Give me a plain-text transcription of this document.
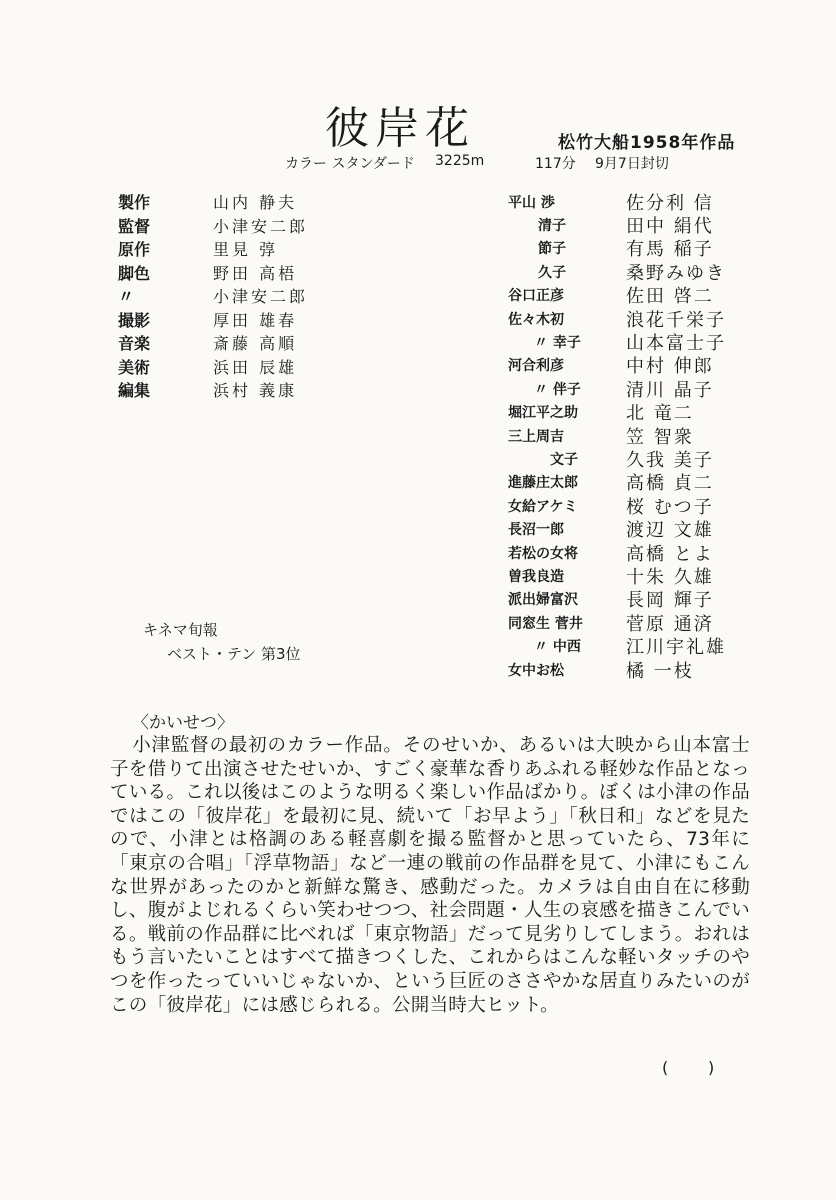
彼岸花	松竹大船1958年作品
カラー スタンダード	3225m	117分	9月7日封切
製作	山内 静夫
監督	小津安二郎
原作	里見 弴
脚色	野田 高梧
〃	小津安二郎
撮影	厚田 雄春
音楽	斎藤 高順
美術	浜田 辰雄
編集	浜村 義康
平山 渉	佐分利 信
清子	田中 絹代
節子	有馬 稲子
久子	桑野みゆき
谷口正彦	佐田 啓二
佐々木初	浪花千栄子
〃 幸子	山本富士子
河合利彦	中村 伸郎
〃 伴子	清川 晶子
堀江平之助	北 竜二
三上周吉	笠 智衆
文子	久我 美子
進藤庄太郎	高橋 貞二
女給アケミ	桜 むつ子
長沼一郎	渡辺 文雄
若松の女将	高橋 とよ
曽我良造	十朱 久雄
派出婦富沢	長岡 輝子
同窓生 菅井	菅原 通済
〃 中西	江川宇礼雄
女中お松	橘 一枝
キネマ旬報
ベスト・テン 第3位
〈かいせつ〉

小津監督の最初のカラー作品。そのせいか、あるいは大映から山本富士子を借りて出演させたせいか、すごく豪華な香りあふれる軽妙な作品となっている。これ以後はこのような明るく楽しい作品ばかり。ぼくは小津の作品ではこの「彼岸花」を最初に見、続いて「お早よう」「秋日和」などを見たので、小津とは格調のある軽喜劇を撮る監督かと思っていたら、73年に「東京の合唱」「浮草物語」など一連の戦前の作品群を見て、小津にもこんな世界があったのかと新鮮な驚き、感動だった。カメラは自由自在に移動し、腹がよじれるくらい笑わせつつ、社会問題・人生の哀感を描きこんでいる。戦前の作品群に比べれば「東京物語」だって見劣りしてしまう。おれはもう言いたいことはすべて描きつくした、これからはこんな軽いタッチのやつを作ったっていいじゃないか、という巨匠のささやかな居直りみたいのがこの「彼岸花」には感じられる。公開当時大ヒット。

( )
